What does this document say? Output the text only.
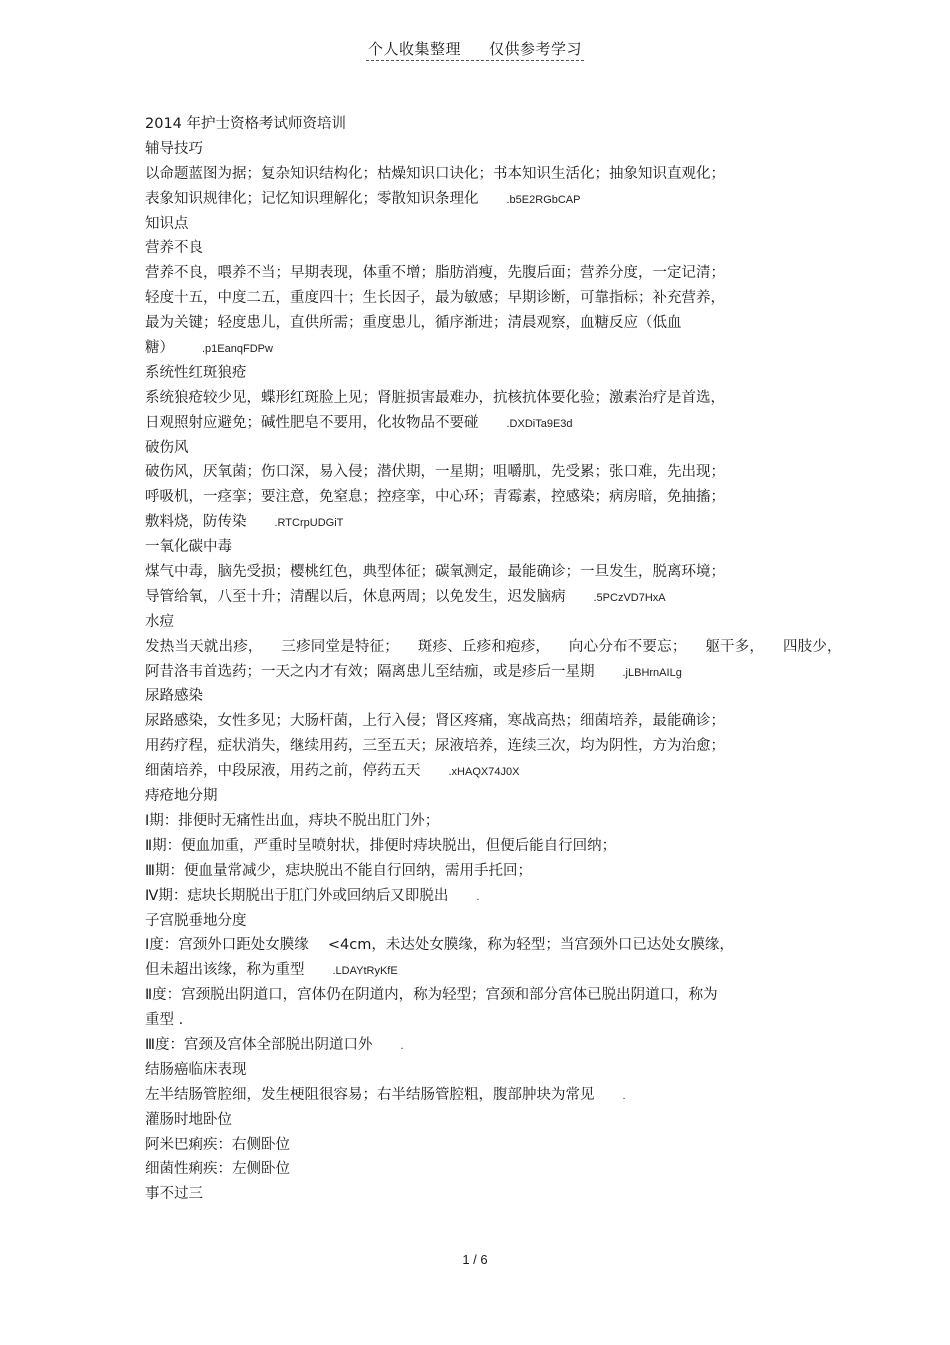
个人收集整理 仅供参考学习
2014 年护士资格考试师资培训
辅导技巧
以命题蓝图为据；复杂知识结构化；枯燥知识口诀化；书本知识生活化；抽象知识直观化；
表象知识规律化；记忆知识理解化；零散知识条理化	.b5E2RGbCAP
知识点
营养不良
营养不良，喂养不当；早期表现，体重不增；脂肪消瘦，先腹后面；营养分度，一定记清；
轻度十五，中度二五，重度四十；生长因子，最为敏感；早期诊断，可靠指标；补充营养，
最为关键；轻度患儿，直供所需；重度患儿，循序渐进；清晨观察，血糖反应（低血
糖）	.p1EanqFDPw
系统性红斑狼疮
系统狼疮较少见，蝶形红斑脸上见；肾脏损害最难办，抗核抗体要化验；激素治疗是首选，
日观照射应避免；碱性肥皂不要用，化妆物品不要碰	.DXDiTa9E3d
破伤风
破伤风，厌氧菌；伤口深，易入侵；潜伏期，一星期；咀嚼肌，先受累；张口难，先出现；
呼吸机，一痉挛；要注意，免窒息；控痉挛，中心环；青霉素，控感染；病房暗，免抽搐；
敷料烧，防传染	.RTCrpUDGiT
一氧化碳中毒
煤气中毒，脑先受损；樱桃红色，典型体征；碳氧测定，最能确诊；一旦发生，脱离环境；
导管给氧，八至十升；清醒以后，休息两周；以免发生，迟发脑病	.5PCzVD7HxA
水痘
发热当天就出疹， 三疹同堂是特征； 斑疹、丘疹和疱疹， 向心分布不要忘； 躯干多， 四肢少，
阿昔洛韦首选药；一天之内才有效；隔离患儿至结痂，或是疹后一星期	.jLBHrnAILg
尿路感染
尿路感染，女性多见；大肠杆菌，上行入侵；肾区疼痛，寒战高热；细菌培养，最能确诊；
用药疗程，症状消失，继续用药，三至五天；尿液培养，连续三次，均为阴性，方为治愈；
细菌培养，中段尿液，用药之前，停药五天	.xHAQX74J0X
痔疮地分期
Ⅰ期：排便时无痛性出血，痔块不脱出肛门外；
Ⅱ期：便血加重，严重时呈喷射状，排便时痔块脱出，但便后能自行回纳；
Ⅲ期：便血量常减少，痣块脱出不能自行回纳，需用手托回；
Ⅳ期：痣块长期脱出于肛门外或回纳后又即脱出	.
子宫脱垂地分度
Ⅰ度：宫颈外口距处女膜缘　 <4cm，未达处女膜缘，称为轻型；当宫颈外口已达处女膜缘，
但未超出该缘，称为重型	.LDAYtRyKfE
Ⅱ度：宫颈脱出阴道口，宫体仍在阴道内，称为轻型；宫颈和部分宫体已脱出阴道口，称为
重型 .
Ⅲ度：宫颈及宫体全部脱出阴道口外	.
结肠癌临床表现
左半结肠管腔细，发生梗阻很容易；右半结肠管腔粗，腹部肿块为常见	.
灌肠时地卧位
阿米巴痢疾：右侧卧位
细菌性痢疾：左侧卧位
事不过三
1 / 6
